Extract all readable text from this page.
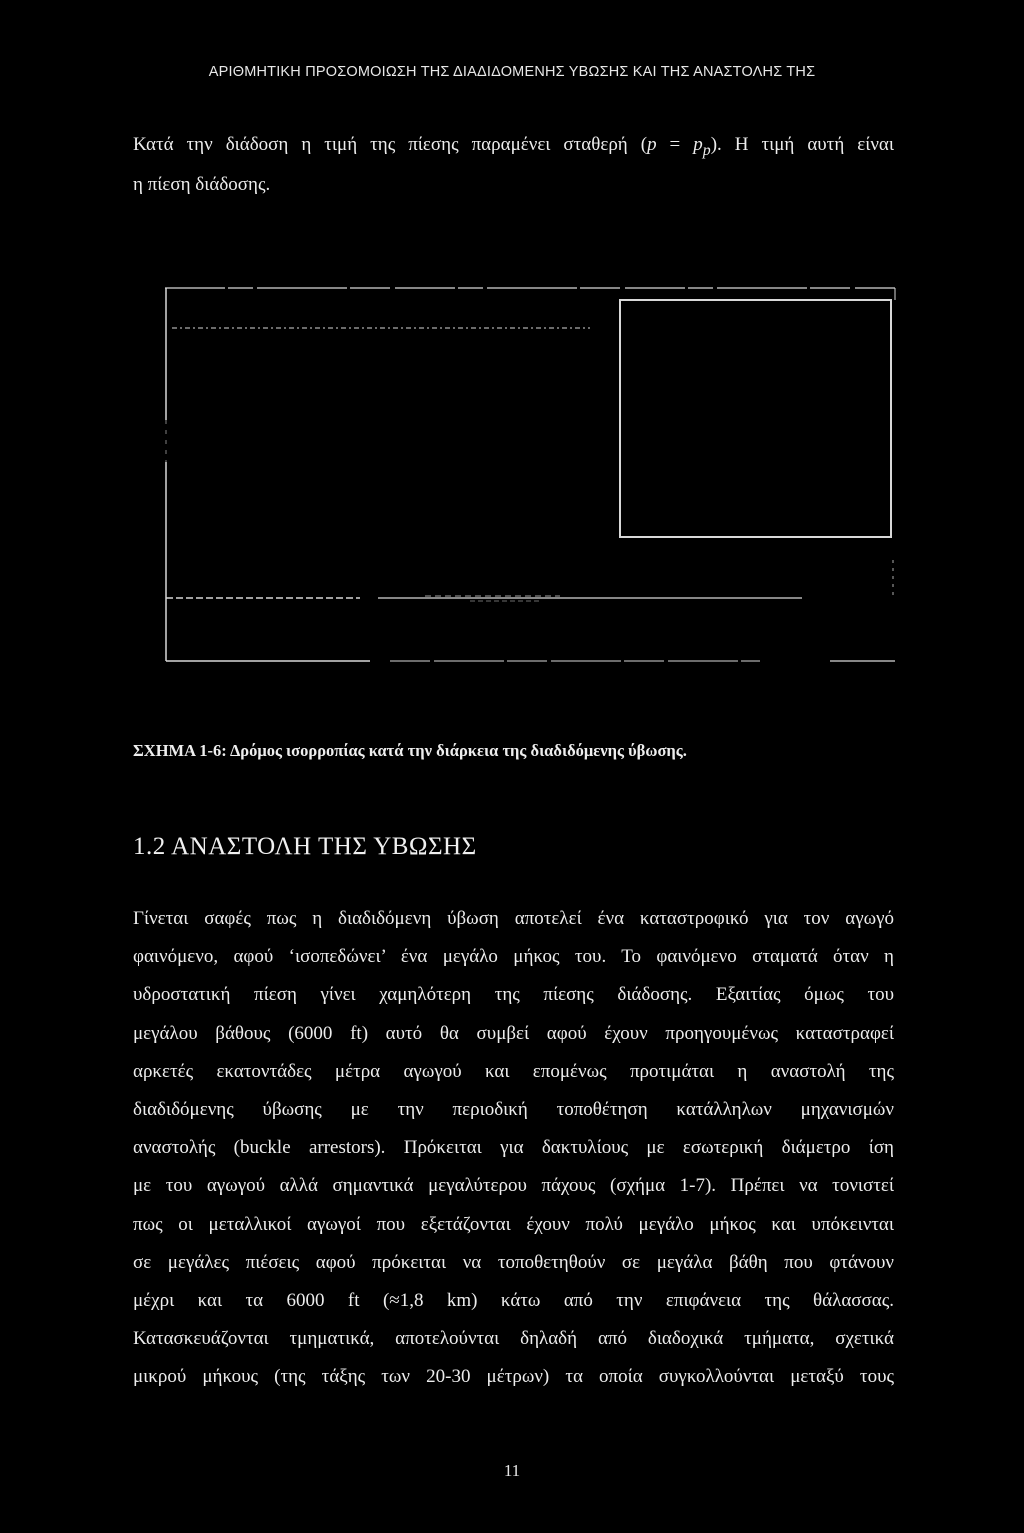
ΑΡΙΘΜΗΤΙΚΗ ΠΡΟΣΟΜΟΙΩΣΗ ΤΗΣ ΔΙΑΔΙΔΟΜΕΝΗΣ ΥΒΩΣΗΣ ΚΑΙ ΤΗΣ ΑΝΑΣΤΟΛΗΣ ΤΗΣ
Κατά την διάδοση η τιμή της πίεσης παραμένει σταθερή $(p = p_p)$. Η τιμή αυτή είναι
η πίεση διάδοσης.
ΣΧΗΜΑ 1-6: Δρόμος ισορροπίας κατά την διάρκεια της διαδιδόμενης ύβωσης.
1.2 ΑΝΑΣΤΟΛΗ ΤΗΣ ΥΒΩΣΗΣ
Γίνεται σαφές πως η διαδιδόμενη ύβωση αποτελεί ένα καταστροφικό για τον αγωγό
φαινόμενο, αφού ‘ισοπεδώνει’ ένα μεγάλο μήκος του. Το φαινόμενο σταματά όταν η
υδροστατική πίεση γίνει χαμηλότερη της πίεσης διάδοσης. Εξαιτίας όμως του
μεγάλου βάθους (6000 ft) αυτό θα συμβεί αφού έχουν προηγουμένως καταστραφεί
αρκετές εκατοντάδες μέτρα αγωγού και επομένως προτιμάται η αναστολή της
διαδιδόμενης ύβωσης με την περιοδική τοποθέτηση κατάλληλων μηχανισμών
αναστολής (buckle arrestors). Πρόκειται για δακτυλίους με εσωτερική διάμετρο ίση
με του αγωγού αλλά σημαντικά μεγαλύτερου πάχους (σχήμα 1-7). Πρέπει να τονιστεί
πως οι μεταλλικοί αγωγοί που εξετάζονται έχουν πολύ μεγάλο μήκος και υπόκεινται
σε μεγάλες πιέσεις αφού πρόκειται να τοποθετηθούν σε μεγάλα βάθη που φτάνουν
μέχρι και τα 6000 ft (≈1,8 km) κάτω από την επιφάνεια της θάλασσας.
Κατασκευάζονται τμηματικά, αποτελούνται δηλαδή από διαδοχικά τμήματα, σχετικά
μικρού μήκους (της τάξης των 20-30 μέτρων) τα οποία συγκολλούνται μεταξύ τους
11
